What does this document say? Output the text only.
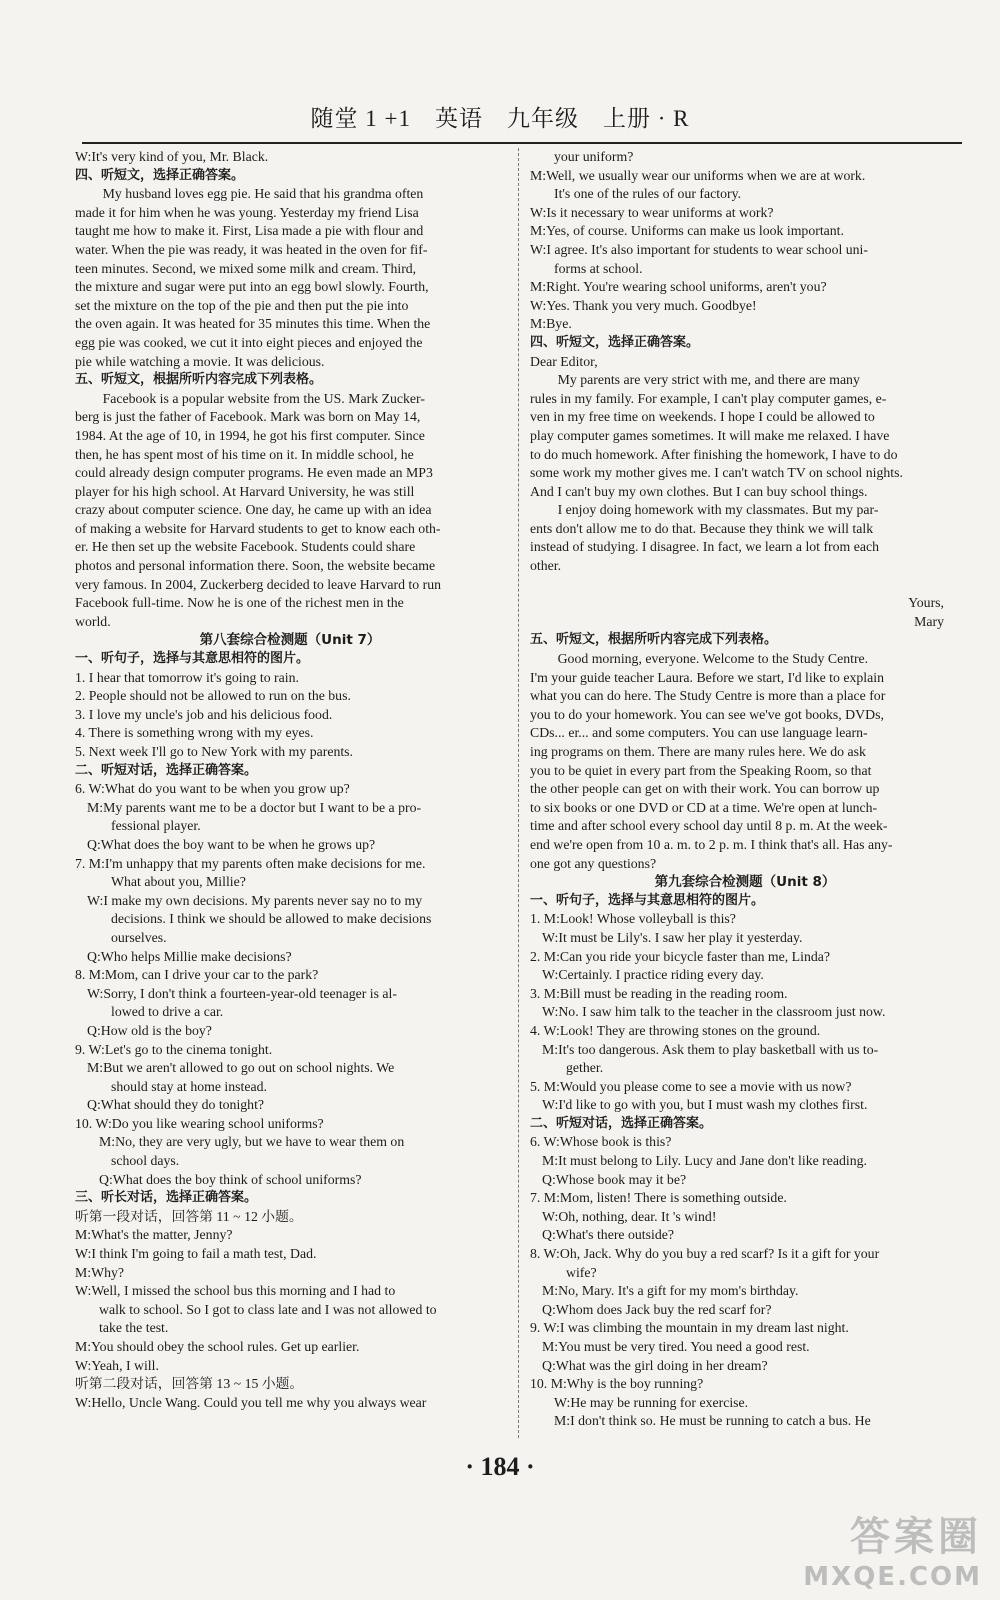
随堂 1 +1　英语　九年级　上册 · R
W:It's very kind of you, Mr. Black.
四、听短文，选择正确答案。
My husband loves egg pie. He said that his grandma often
made it for him when he was young. Yesterday my friend Lisa
taught me how to make it. First, Lisa made a pie with flour and
water. When the pie was ready, it was heated in the oven for fif-
teen minutes. Second, we mixed some milk and cream. Third,
the mixture and sugar were put into an egg bowl slowly. Fourth,
set the mixture on the top of the pie and then put the pie into
the oven again. It was heated for 35 minutes this time. When the
egg pie was cooked, we cut it into eight pieces and enjoyed the
pie while watching a movie. It was delicious.
五、听短文，根据所听内容完成下列表格。
Facebook is a popular website from the US. Mark Zucker-
berg is just the father of Facebook. Mark was born on May 14,
1984. At the age of 10, in 1994, he got his first computer. Since
then, he has spent most of his time on it. In middle school, he
could already design computer programs. He even made an MP3
player for his high school. At Harvard University, he was still
crazy about computer science. One day, he came up with an idea
of making a website for Harvard students to get to know each oth-
er. He then set up the website Facebook. Students could share
photos and personal information there. Soon, the website became
very famous. In 2004, Zuckerberg decided to leave Harvard to run
Facebook full-time. Now he is one of the richest men in the
world.
第八套综合检测题（Unit 7）
一、听句子，选择与其意思相符的图片。
1. I hear that tomorrow it's going to rain.
2. People should not be allowed to run on the bus.
3. I love my uncle's job and his delicious food.
4. There is something wrong with my eyes.
5. Next week I'll go to New York with my parents.
二、听短对话，选择正确答案。
6. W:What do you want to be when you grow up?
M:My parents want me to be a doctor but I want to be a pro-
fessional player.
Q:What does the boy want to be when he grows up?
7. M:I'm unhappy that my parents often make decisions for me.
What about you, Millie?
W:I make my own decisions. My parents never say no to my
decisions. I think we should be allowed to make decisions
ourselves.
Q:Who helps Millie make decisions?
8. M:Mom, can I drive your car to the park?
W:Sorry, I don't think a fourteen-year-old teenager is al-
lowed to drive a car.
Q:How old is the boy?
9. W:Let's go to the cinema tonight.
M:But we aren't allowed to go out on school nights. We
should stay at home instead.
Q:What should they do tonight?
10. W:Do you like wearing school uniforms?
M:No, they are very ugly, but we have to wear them on
school days.
Q:What does the boy think of school uniforms?
三、听长对话，选择正确答案。
听第一段对话，回答第 11 ~ 12 小题。
M:What's the matter, Jenny?
W:I think I'm going to fail a math test, Dad.
M:Why?
W:Well, I missed the school bus this morning and I had to
walk to school. So I got to class late and I was not allowed to
take the test.
M:You should obey the school rules. Get up earlier.
W:Yeah, I will.
听第二段对话，回答第 13 ~ 15 小题。
W:Hello, Uncle Wang. Could you tell me why you always wear
your uniform?
M:Well, we usually wear our uniforms when we are at work.
It's one of the rules of our factory.
W:Is it necessary to wear uniforms at work?
M:Yes, of course. Uniforms can make us look important.
W:I agree. It's also important for students to wear school uni-
forms at school.
M:Right. You're wearing school uniforms, aren't you?
W:Yes. Thank you very much. Goodbye!
M:Bye.
四、听短文，选择正确答案。
Dear Editor,
My parents are very strict with me, and there are many
rules in my family. For example, I can't play computer games, e-
ven in my free time on weekends. I hope I could be allowed to
play computer games sometimes. It will make me relaxed. I have
to do much homework. After finishing the homework, I have to do
some work my mother gives me. I can't watch TV on school nights.
And I can't buy my own clothes. But I can buy school things.
I enjoy doing homework with my classmates. But my par-
ents don't allow me to do that. Because they think we will talk
instead of studying. I disagree. In fact, we learn a lot from each
other.
Yours,
Mary
五、听短文，根据所听内容完成下列表格。
Good morning, everyone. Welcome to the Study Centre.
I'm your guide teacher Laura. Before we start, I'd like to explain
what you can do here. The Study Centre is more than a place for
you to do your homework. You can see we've got books, DVDs,
CDs... er... and some computers. You can use language learn-
ing programs on them. There are many rules here. We do ask
you to be quiet in every part from the Speaking Room, so that
the other people can get on with their work. You can borrow up
to six books or one DVD or CD at a time. We're open at lunch-
time and after school every school day until 8 p. m. At the week-
end we're open from 10 a. m. to 2 p. m. I think that's all. Has any-
one got any questions?
第九套综合检测题（Unit 8）
一、听句子，选择与其意思相符的图片。
1. M:Look! Whose volleyball is this?
W:It must be Lily's. I saw her play it yesterday.
2. M:Can you ride your bicycle faster than me, Linda?
W:Certainly. I practice riding every day.
3. M:Bill must be reading in the reading room.
W:No. I saw him talk to the teacher in the classroom just now.
4. W:Look! They are throwing stones on the ground.
M:It's too dangerous. Ask them to play basketball with us to-
gether.
5. M:Would you please come to see a movie with us now?
W:I'd like to go with you, but I must wash my clothes first.
二、听短对话，选择正确答案。
6. W:Whose book is this?
M:It must belong to Lily. Lucy and Jane don't like reading.
Q:Whose book may it be?
7. M:Mom, listen! There is something outside.
W:Oh, nothing, dear. It 's wind!
Q:What's there outside?
8. W:Oh, Jack. Why do you buy a red scarf? Is it a gift for your
wife?
M:No, Mary. It's a gift for my mom's birthday.
Q:Whom does Jack buy the red scarf for?
9. W:I was climbing the mountain in my dream last night.
M:You must be very tired. You need a good rest.
Q:What was the girl doing in her dream?
10. M:Why is the boy running?
W:He may be running for exercise.
M:I don't think so. He must be running to catch a bus. He
· 184 ·
答案圈
MXQE.COM
